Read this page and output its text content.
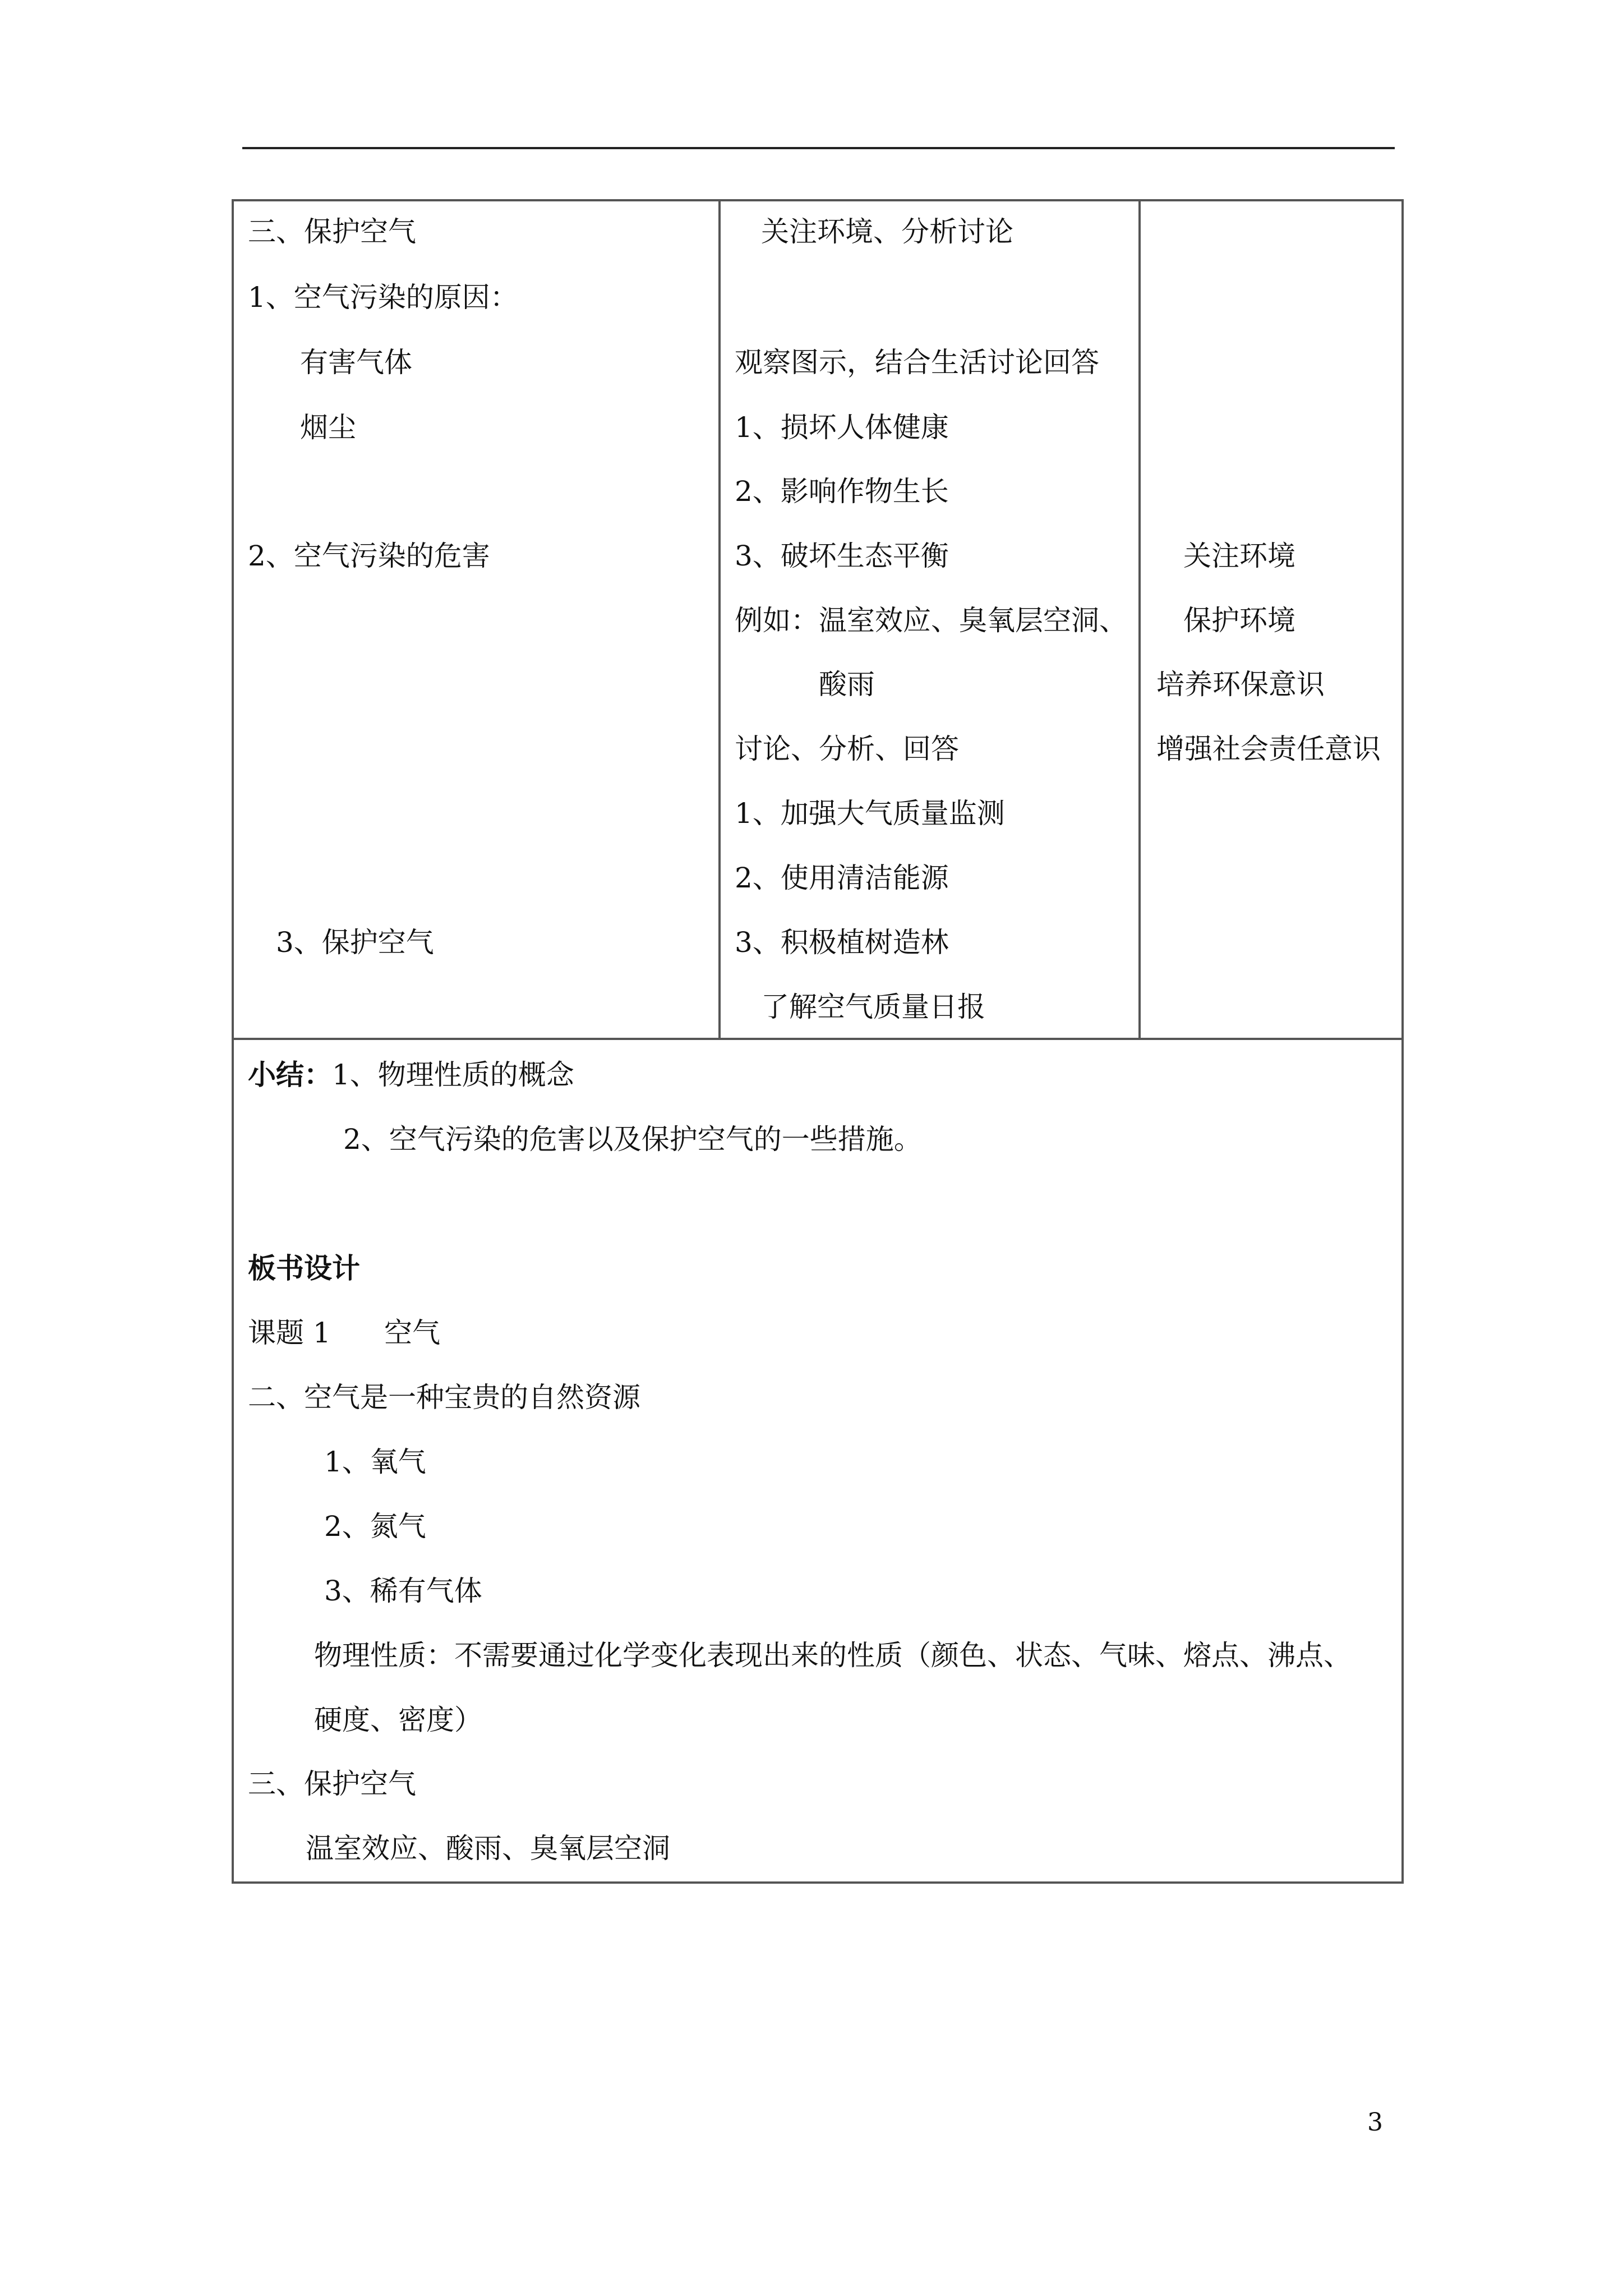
三、保护空气
1、空气污染的原因：
有害气体
烟尘
2、空气污染的危害
3、保护空气
关注环境、分析讨论
观察图示，结合生活讨论回答
1、损坏人体健康
2、影响作物生长
3、破坏生态平衡
例如：温室效应、臭氧层空洞、
酸雨
讨论、分析、回答
1、加强大气质量监测
2、使用清洁能源
3、积极植树造林
了解空气质量日报
关注环境
保护环境
培养环保意识
增强社会责任意识
小结：1、物理性质的概念
2、空气污染的危害以及保护空气的一些措施。
板书设计
课题 1      空气
二、空气是一种宝贵的自然资源
1、氧气
2、氮气
3、稀有气体
物理性质：不需要通过化学变化表现出来的性质（颜色、状态、气味、熔点、沸点、
硬度、密度）
三、保护空气
温室效应、酸雨、臭氧层空洞
3
